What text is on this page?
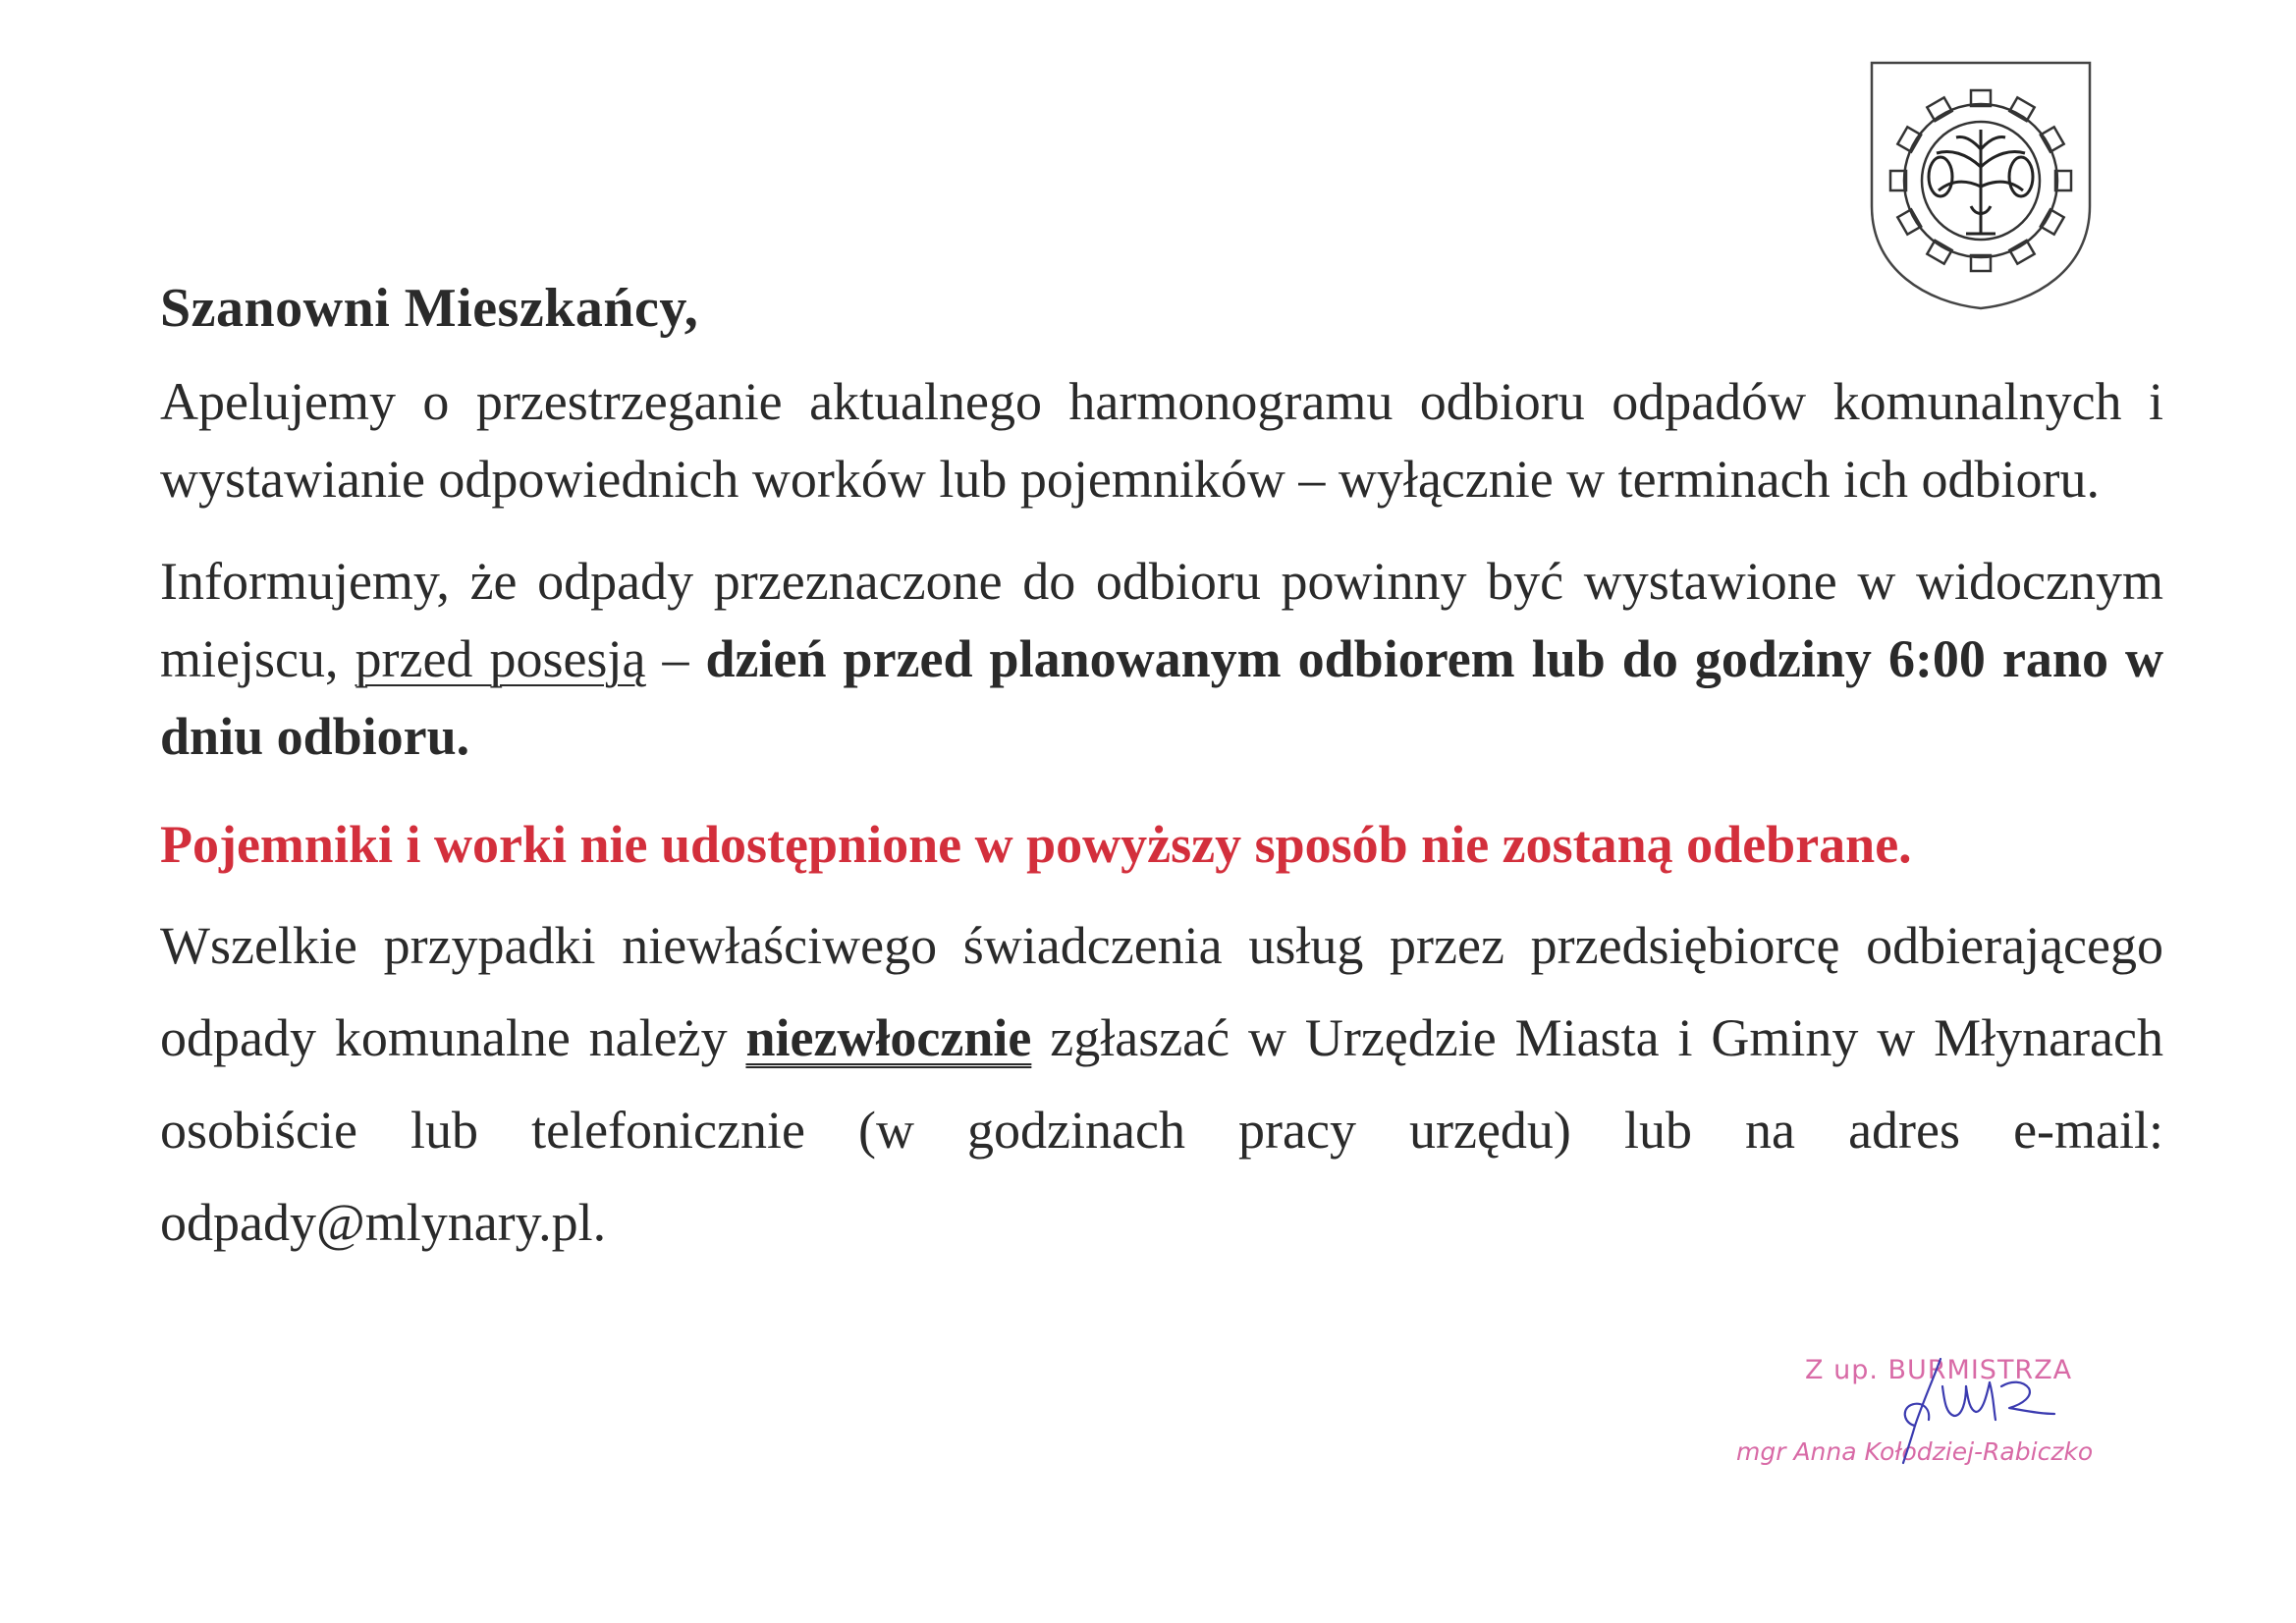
Szanowni Mieszkańcy,

Apelujemy o przestrzeganie aktualnego harmonogramu odbioru odpadów komunalnych i wystawianie odpowiednich worków lub pojemników – wyłącznie w terminach ich odbioru.

Informujemy, że odpady przeznaczone do odbioru powinny być wystawione w widocznym miejscu, przed posesją – dzień przed planowanym odbiorem lub do godziny 6:00 rano w dniu odbioru.

Pojemniki i worki nie udostępnione w powyższy sposób nie zostaną odebrane.

Wszelkie przypadki niewłaściwego świadczenia usług przez przedsiębiorcę odbierającego odpady komunalne należy niezwłocznie zgłaszać w Urzędzie Miasta i Gminy w Młynarach osobiście lub telefonicznie (w godzinach pracy urzędu) lub na adres e-mail: odpady@mlynary.pl.

Z up. BURMISTRZA
mgr Anna Kołodziej-Rabiczko
